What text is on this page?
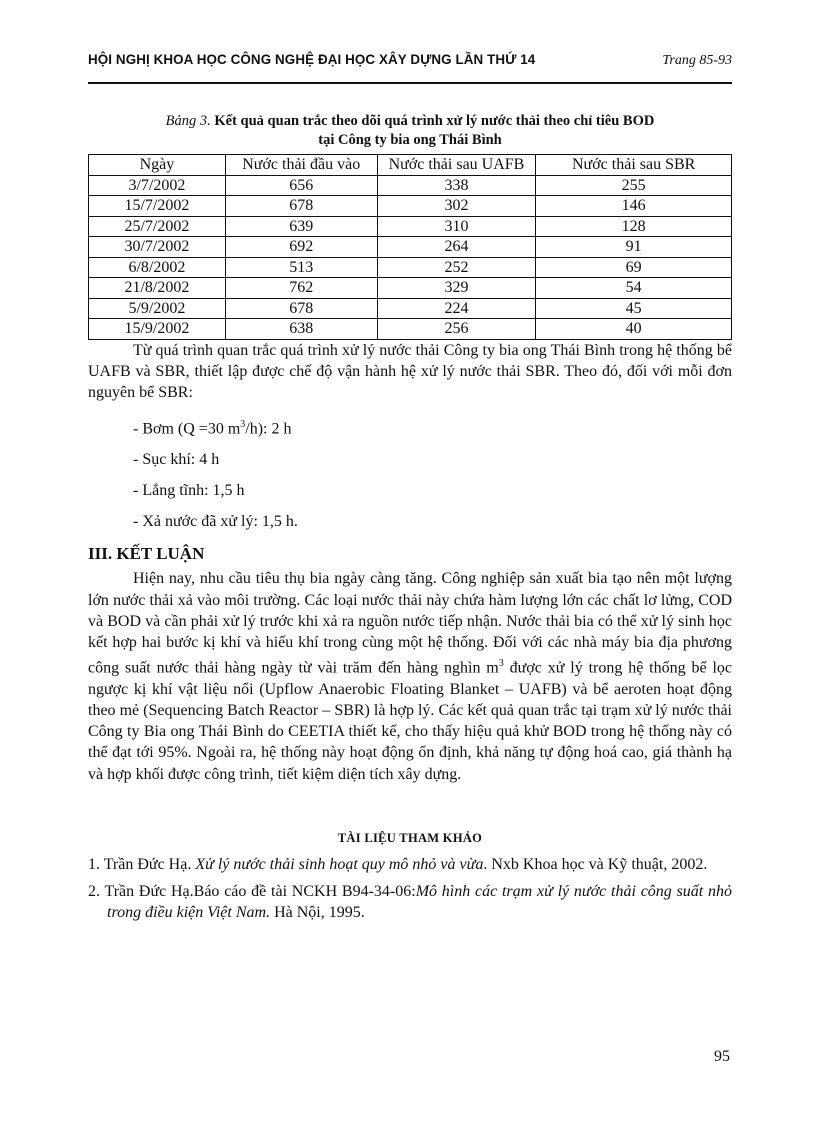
HỘI NGHỊ KHOA HỌC CÔNG NGHỆ ĐẠI HỌC XÂY DỰNG LẦN THỨ 14	Trang 85-93
Bảng 3. Kết quả quan trắc theo dõi quá trình xử lý nước thải theo chỉ tiêu BOD
tại Công ty bia ong Thái Bình
Ngày	Nước thải đầu vào	Nước thải sau UAFB	Nước thải sau SBR
3/7/2002	656	338	255
15/7/2002	678	302	146
25/7/2002	639	310	128
30/7/2002	692	264	91
6/8/2002	513	252	69
21/8/2002	762	329	54
5/9/2002	678	224	45
15/9/2002	638	256	40

Từ quá trình quan trắc quá trình xử lý nước thải Công ty bia ong Thái Bình trong hệ thống bể UAFB và SBR, thiết lập được chế độ vận hành hệ xử lý nước thải SBR. Theo đó, đối với mỗi đơn nguyên bể SBR:

- Bơm (Q =30 $m^3/h$): 2 h

- Sục khí: 4 h

- Lắng tĩnh: 1,5 h

- Xả nước đã xử lý: 1,5 h.

III. KẾT LUẬN

Hiện nay, nhu cầu tiêu thụ bia ngày càng tăng. Công nghiệp sản xuất bia tạo nên một lượng lớn nước thải xả vào môi trường. Các loại nước thải này chứa hàm lượng lớn các chất lơ lửng, COD và BOD và cần phải xử lý trước khi xả ra nguồn nước tiếp nhận. Nước thải bia có thể xử lý sinh học kết hợp hai bước kị khí và hiếu khí trong cùng một hệ thống. Đối với các nhà máy bia địa phương công suất nước thải hàng ngày từ vài trăm đến hàng nghìn $m^3$ được xử lý trong hệ thống bể lọc ngược kị khí vật liệu nổi (Upflow Anaerobic Floating Blanket – UAFB) và bể aeroten hoạt động theo mẻ (Sequencing Batch Reactor – SBR) là hợp lý. Các kết quả quan trắc tại trạm xử lý nước thải Công ty Bia ong Thái Bình do CEETIA thiết kế, cho thấy hiệu quả khử BOD trong hệ thống này có thể đạt tới 95%. Ngoài ra, hệ thống này hoạt động ổn định, khả năng tự động hoá cao, giá thành hạ và hợp khối được công trình, tiết kiệm diện tích xây dựng.

TÀI LIỆU THAM KHẢO
1. Trần Đức Hạ. Xử lý nước thải sinh hoạt quy mô nhỏ và vừa. Nxb Khoa học và Kỹ thuật, 2002.
2. Trần Đức Hạ.Báo cáo đề tài NCKH B94-34-06:Mô hình các trạm xử lý nước thải công suất nhỏ trong điều kiện Việt Nam. Hà Nội, 1995.
95
